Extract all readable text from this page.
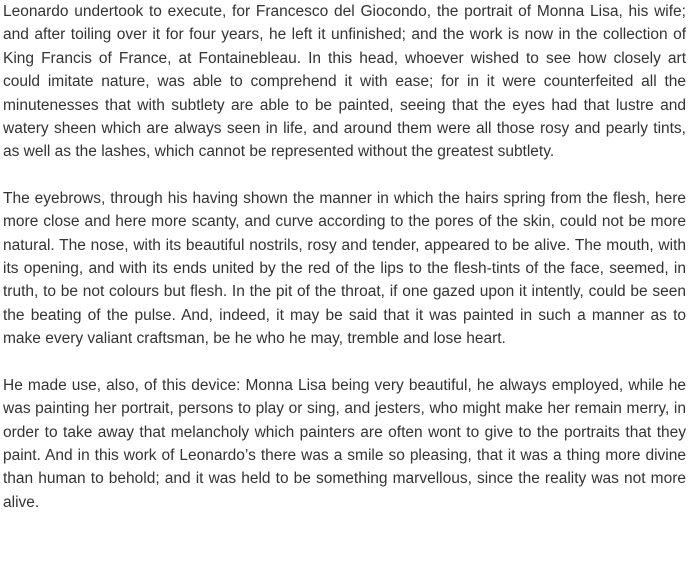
Leonardo undertook to execute, for Francesco del Giocondo, the portrait of Monna Lisa, his wife; and after toiling over it for four years, he left it unfinished; and the work is now in the collection of King Francis of France, at Fontainebleau. In this head, whoever wished to see how closely art could imitate nature, was able to comprehend it with ease; for in it were counterfeited all the minutenesses that with subtlety are able to be painted, seeing that the eyes had that lustre and watery sheen which are always seen in life, and around them were all those rosy and pearly tints, as well as the lashes, which cannot be represented without the greatest subtlety.

The eyebrows, through his having shown the manner in which the hairs spring from the flesh, here more close and here more scanty, and curve according to the pores of the skin, could not be more natural. The nose, with its beautiful nostrils, rosy and tender, appeared to be alive. The mouth, with its opening, and with its ends united by the red of the lips to the flesh-tints of the face, seemed, in truth, to be not colours but flesh. In the pit of the throat, if one gazed upon it intently, could be seen the beating of the pulse. And, indeed, it may be said that it was painted in such a manner as to make every valiant craftsman, be he who he may, tremble and lose heart.

He made use, also, of this device: Monna Lisa being very beautiful, he always employed, while he was painting her portrait, persons to play or sing, and jesters, who might make her remain merry, in order to take away that melancholy which painters are often wont to give to the portraits that they paint. And in this work of Leonardo’s there was a smile so pleasing, that it was a thing more divine than human to behold; and it was held to be something marvellous, since the reality was not more alive.
